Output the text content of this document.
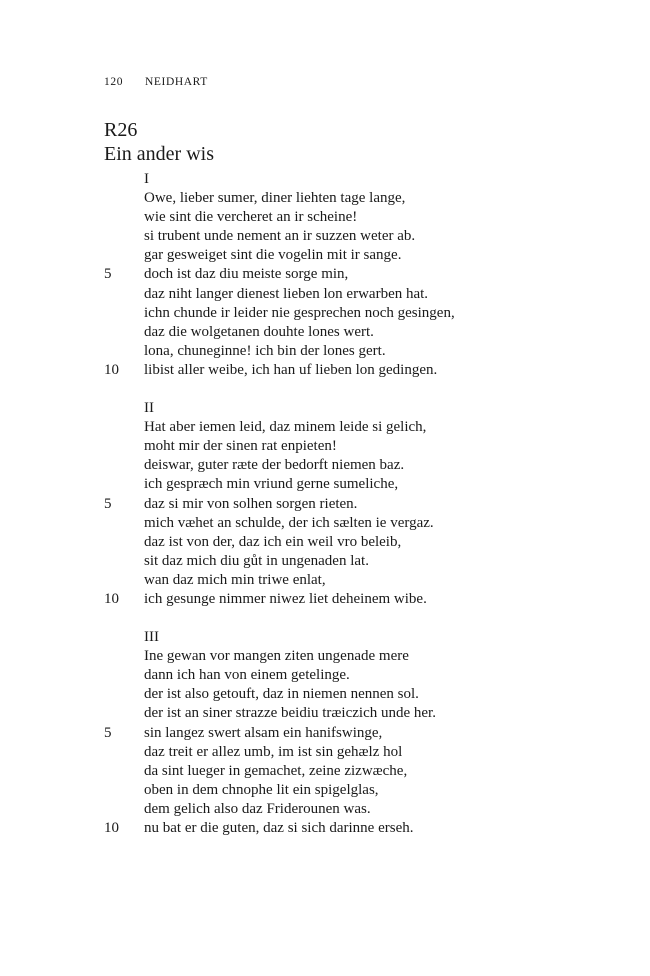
120 NEIDHART
R26
Ein ander wis
I
Owe, lieber sumer, diner liehten tage lange,
wie sint die vercheret an ir scheine!
si trubent unde nement an ir suzzen weter ab.
gar gesweiget sint die vogelin mit ir sange.
5 doch ist daz diu meiste sorge min,
daz niht langer dienest lieben lon erwarben hat.
ichn chunde ir leider nie gesprechen noch gesingen,
daz die wolgetanen douhte lones wert.
lona, chuneginne! ich bin der lones gert.
10 libist aller weibe, ich han uf lieben lon gedingen.
II
Hat aber iemen leid, daz minem leide si gelich,
moht mir der sinen rat enpieten!
deiswar, guter ræte der bedorft niemen baz.
ich gespræch min vriund gerne sumeliche,
5 daz si mir von solhen sorgen rieten.
mich væhet an schulde, der ich sælten ie vergaz.
daz ist von der, daz ich ein weil vro beleib,
sit daz mich diu gůt in ungenaden lat.
wan daz mich min triwe enlat,
10 ich gesunge nimmer niwez liet deheinem wibe.
III
Ine gewan vor mangen ziten ungenade mere
dann ich han von einem getelinge.
der ist also getouft, daz in niemen nennen sol.
der ist an siner strazze beidiu træiczich unde her.
5 sin langez swert alsam ein hanifswinge,
daz treit er allez umb, im ist sin gehælz hol
da sint lueger in gemachet, zeine zizwæche,
oben in dem chnophe lit ein spigelglas,
dem gelich also daz Friderounen was.
10 nu bat er die guten, daz si sich darinne erseh.
